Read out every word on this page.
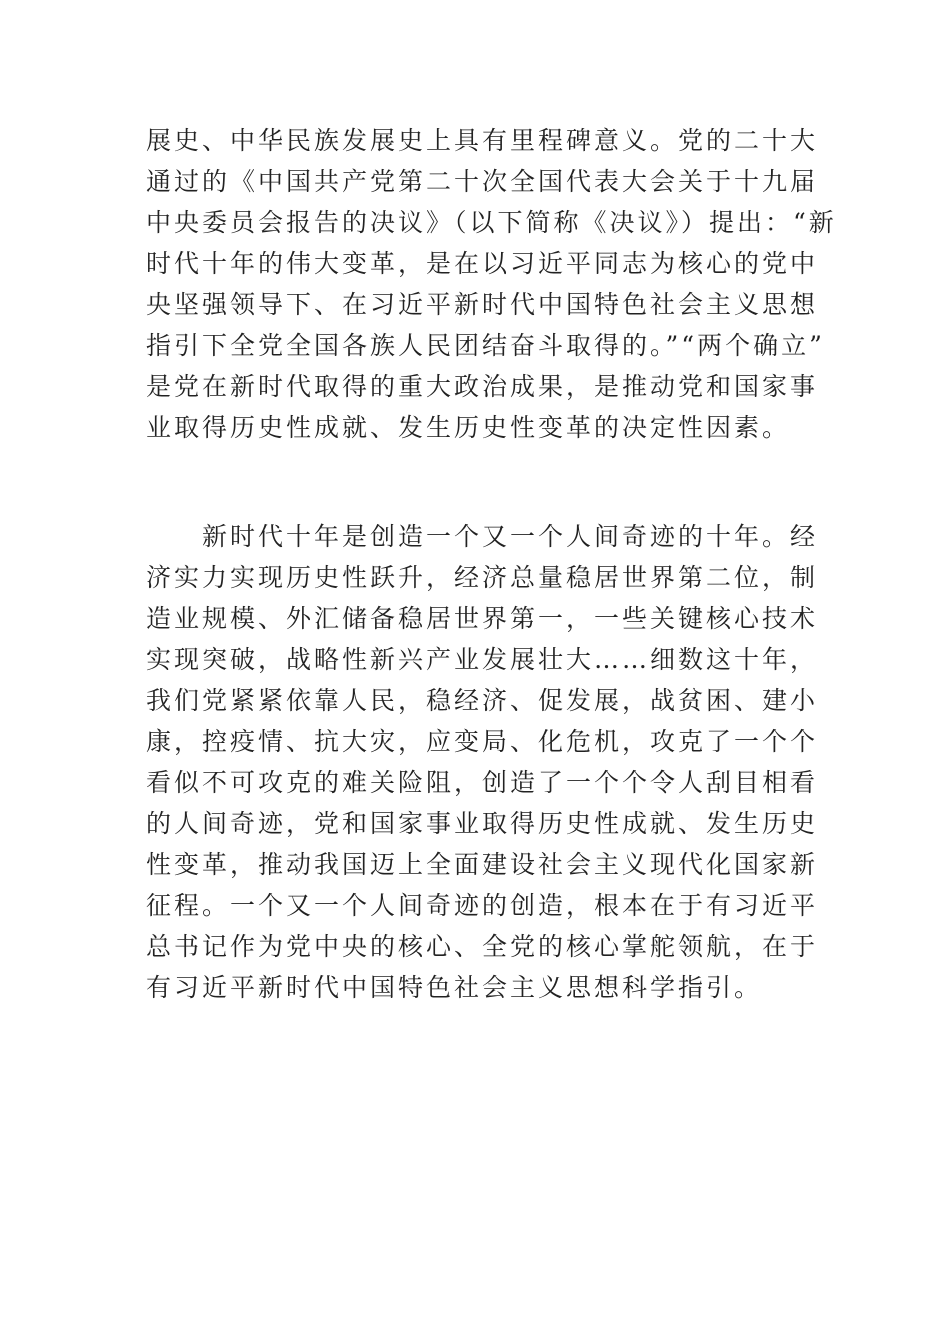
展史、中华民族发展史上具有里程碑意义。党的二十大
通过的《中国共产党第二十次全国代表大会关于十九届
中央委员会报告的决议》（以下简称《决议》）提出：“新
时代十年的伟大变革，是在以习近平同志为核心的党中
央坚强领导下、在习近平新时代中国特色社会主义思想
指引下全党全国各族人民团结奋斗取得的。”“两个确立”
是党在新时代取得的重大政治成果，是推动党和国家事
业取得历史性成就、发生历史性变革的决定性因素。
新时代十年是创造一个又一个人间奇迹的十年。经
济实力实现历史性跃升，经济总量稳居世界第二位，制
造业规模、外汇储备稳居世界第一，一些关键核心技术
实现突破，战略性新兴产业发展壮大……细数这十年，
我们党紧紧依靠人民，稳经济、促发展，战贫困、建小
康，控疫情、抗大灾，应变局、化危机，攻克了一个个
看似不可攻克的难关险阻，创造了一个个令人刮目相看
的人间奇迹，党和国家事业取得历史性成就、发生历史
性变革，推动我国迈上全面建设社会主义现代化国家新
征程。一个又一个人间奇迹的创造，根本在于有习近平
总书记作为党中央的核心、全党的核心掌舵领航，在于
有习近平新时代中国特色社会主义思想科学指引。
